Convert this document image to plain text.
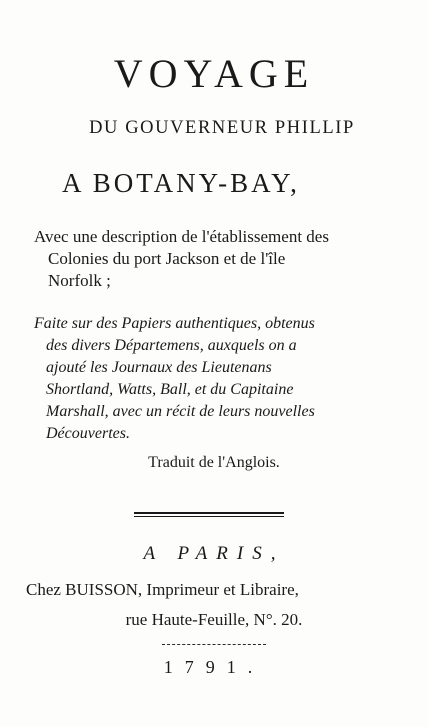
VOYAGE
DU GOUVERNEUR PHILLIP
A BOTANY-BAY,
Avec une description de l'établissement des
Colonies du port Jackson et de l'île
Norfolk ;
Faite sur des Papiers authentiques, obtenus
des divers Départemens, auxquels on a
ajouté les Journaux des Lieutenans
Shortland, Watts, Ball, et du Capitaine
Marshall, avec un récit de leurs nouvelles
Découvertes.
Traduit de l'Anglois.
A PARIS,
Chez BUISSON, Imprimeur et Libraire,
rue Haute-Feuille, N°. 20.
1791.
